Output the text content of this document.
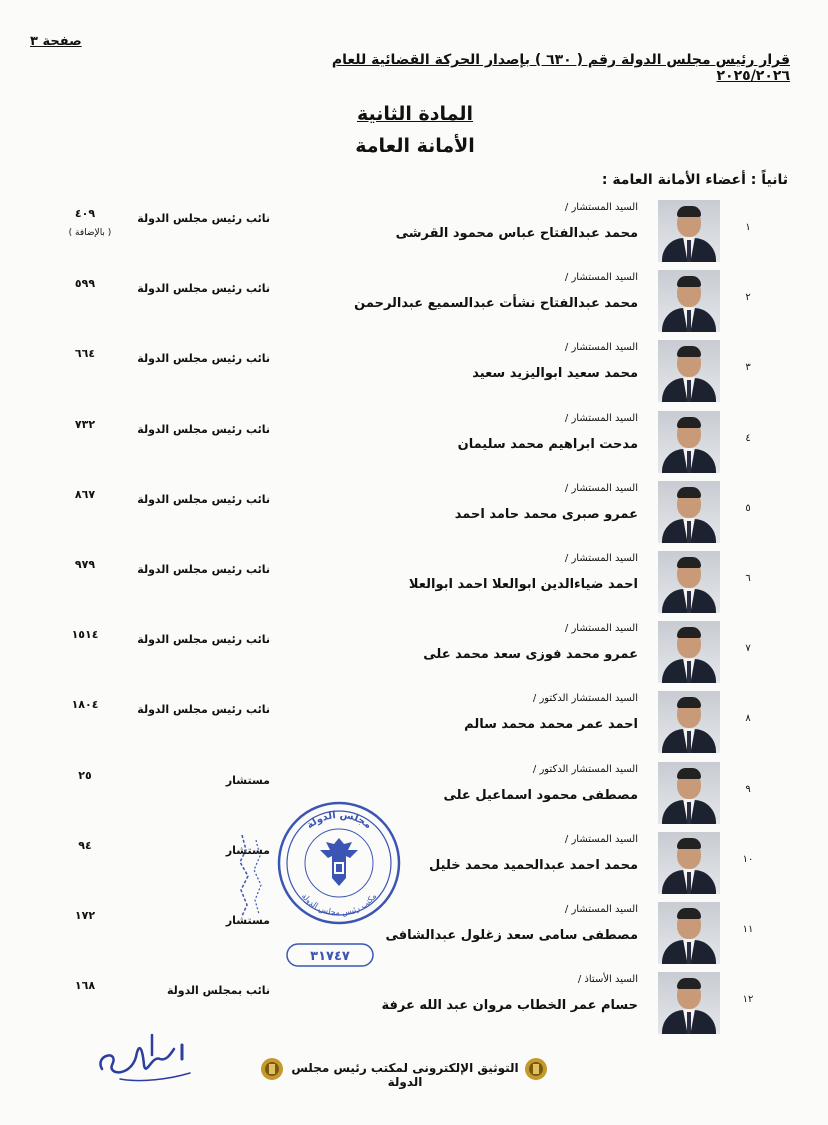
صفحة ٣
قرار رئيس مجلس الدولة رقم ( ٦٣٠ ) بإصدار الحركة القضائية للعام ٢٠٢٥/٢٠٢٦
المادة الثانية
الأمانة العامة
ثانياً : أعضاء الأمانة العامة :
١
السيد المستشار /
محمد عبدالفتاح عباس محمود القرشى
نائب رئيس مجلس الدولة
٤٠٩
( بالإضافة )
٢
السيد المستشار /
محمد عبدالفتاح نشأت عبدالسميع عبدالرحمن
نائب رئيس مجلس الدولة
٥٩٩
٣
السيد المستشار /
محمد سعيد ابواليزيد سعيد
نائب رئيس مجلس الدولة
٦٦٤
٤
السيد المستشار /
مدحت ابراهيم محمد سليمان
نائب رئيس مجلس الدولة
٧٣٢
٥
السيد المستشار /
عمرو صبرى محمد حامد احمد
نائب رئيس مجلس الدولة
٨٦٧
٦
السيد المستشار /
احمد ضياءالدين ابوالعلا احمد ابوالعلا
نائب رئيس مجلس الدولة
٩٧٩
٧
السيد المستشار /
عمرو محمد فوزى سعد محمد على
نائب رئيس مجلس الدولة
١٥١٤
٨
السيد المستشار الدكتور /
احمد عمر محمد محمد سالم
نائب رئيس مجلس الدولة
١٨٠٤
٩
السيد المستشار الدكتور /
مصطفى محمود اسماعيل على
مستشار
٢٥
١٠
السيد المستشار /
محمد احمد عبدالحميد محمد خليل
مستشار
٩٤
١١
السيد المستشار /
مصطفى سامى سعد زغلول عبدالشافى
مستشار
١٧٢
١٢
السيد الأستاذ /
حسام عمر الخطاب مروان عبد الله عرفة
نائب بمجلس الدولة
١٦٨
مجلس الدولة
مكتب رئيس مجلس الدولة
٣١٧٤٧
التوثيق الإلكترونى لمكتب رئيس مجلس الدولة
